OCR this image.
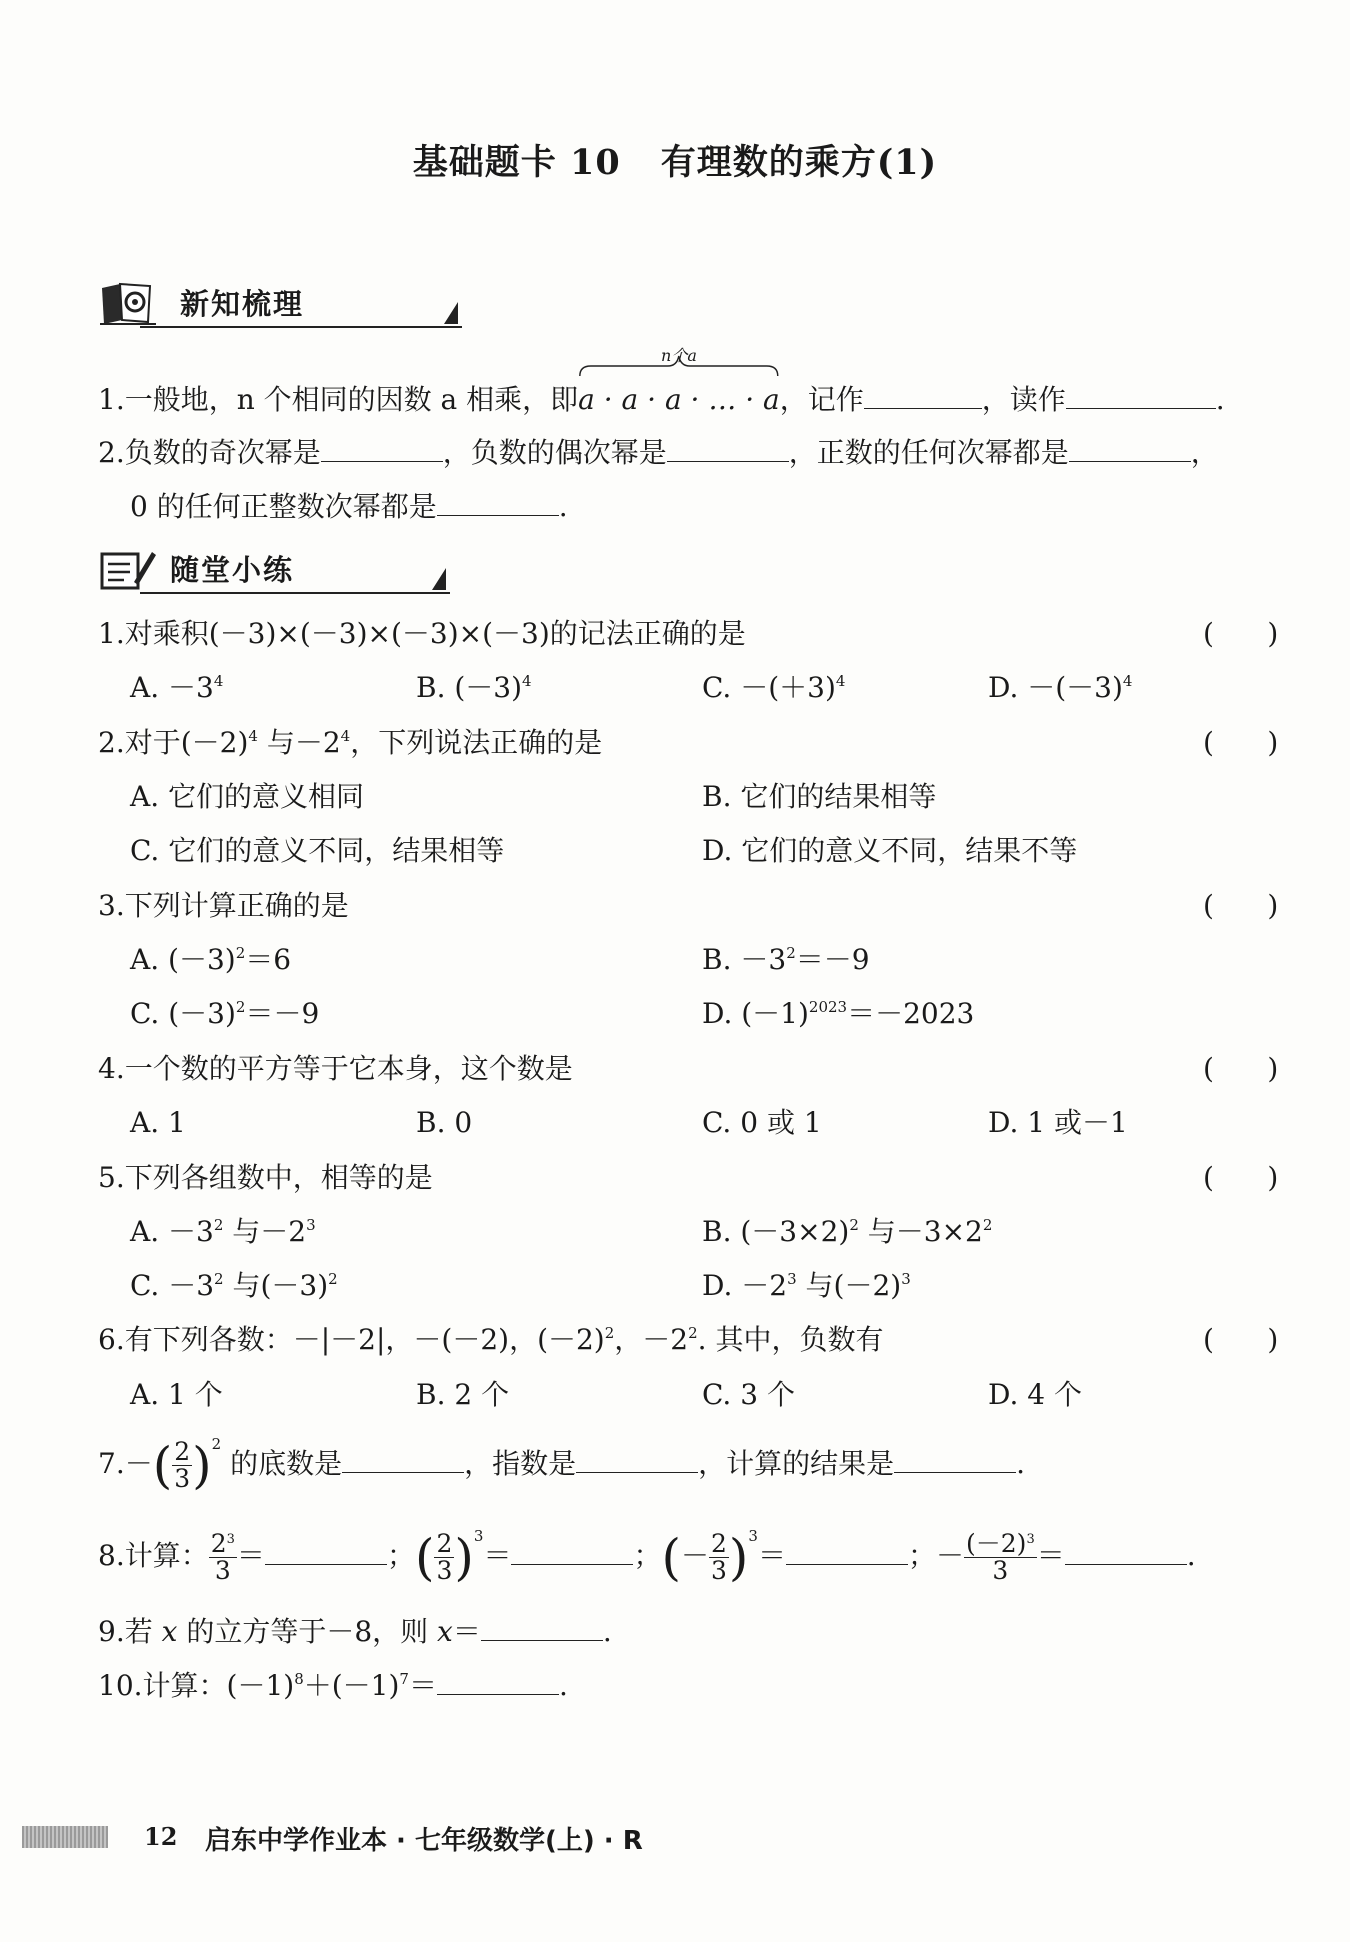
基础题卡 10 有理数的乘方(1)
新知梳理
1.一般地，n 个相同的因数 a 相乘，即
n个a
a · a · a · … · a，记作	，读作	.
2.负数的奇次幂是	，负数的偶次幂是	，正数的任何次幂都是	，
0 的任何正整数次幂都是	.
随堂小练
1.对乘积(－3)×(－3)×(－3)×(－3)的记法正确的是	(      )
A. $-3^4$	B. $(-3)^4$	C. $-(+3)^4$	D. $-(-3)^4$
2.对于$(-2)^4$ 与$-2^4$，下列说法正确的是	(      )
A. 它们的意义相同	B. 它们的结果相等
C. 它们的意义不同，结果相等	D. 它们的意义不同，结果不等
3.下列计算正确的是	(      )
A. $(-3)^2=6$	B. $-3^2=-9$
C. $(-3)^2=-9$	D. $(-1)^{2023}=-2023$
4.一个数的平方等于它本身，这个数是	(      )
A. 1	B. 0	C. 0 或 1	D. 1 或－1
5.下列各组数中，相等的是	(      )
A. $-3^2$ 与$-2^3$	B. $(-3\times 2)^2$ 与$-3\times 2^2$
C. $-3^2$ 与$(-3)^2$	D. $-2^3$ 与$(-2)^3$
6.有下列各数：－|－2|，－(－2)，$(-2)^2$，$-2^2$. 其中，负数有	(      )
A. 1 个	B. 2 个	C. 3 个	D. 4 个
$7.-( \frac{2}{3} )^2$ 的底数是	，指数是	，计算的结果是	.
8.计算： $\frac{2^3}{3}$ ＝	；( $\frac{2}{3} )^3=$	；(－ $\frac{2}{3} )^3=$	；－ $\frac{(-2)^3}{3}$ ＝	.
9.若 x 的立方等于－8，则 x＝	.
10.计算：$(-1)^8+(-1)^7=$	.
12 启东中学作业本 · 七年级数学(上) · R
